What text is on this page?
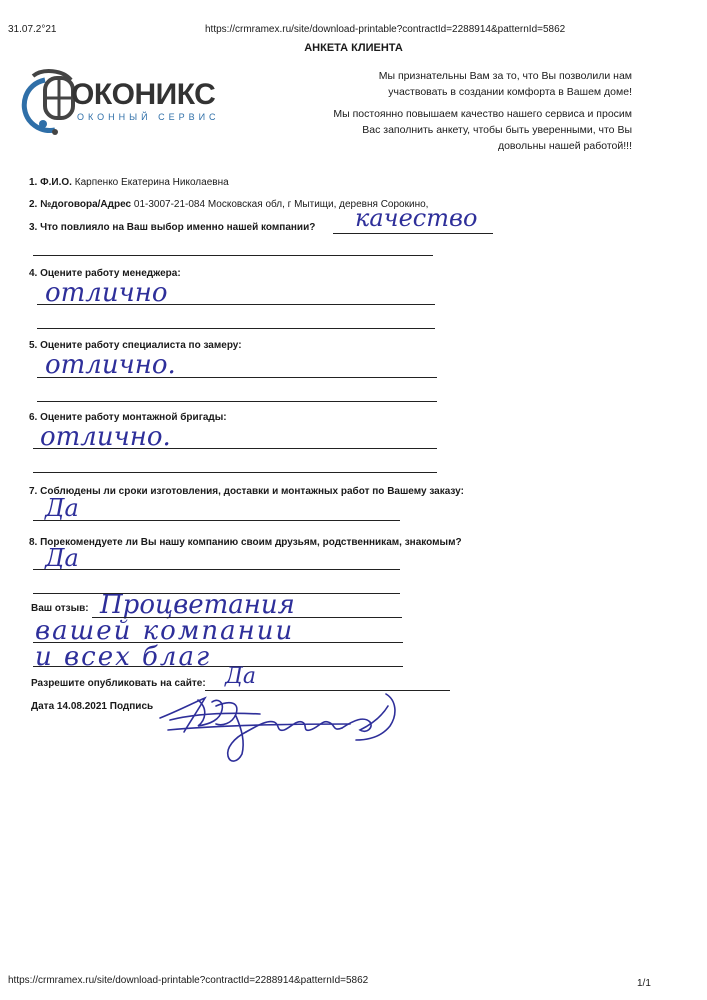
31.07.2°21	https://crmramex.ru/site/download-printable?contractId=2288914&patternId=5862
АНКЕТА КЛИЕНТА
ОКОНИКС
ОКОННЫЙ СЕРВИС
Мы признательны Вам за то, что Вы позволили нам
участвовать в создании комфорта в Вашем доме!
Мы постоянно повышаем качество нашего сервиса и просим
Вас заполнить анкету, чтобы быть уверенными, что Вы
довольны нашей работой!!!
1. Ф.И.О. Карпенко Екатерина Николаевна
2. №договора/Адрес 01-3007-21-084 Московская обл, г Мытищи, деревня Сорокино,
3. Что повлияло на Ваш выбор именно нашей компании? качество
4. Оцените работу менеджера:
отлично
5. Оцените работу специалиста по замеру:
отлично.
6. Оцените работу монтажной бригады:
отлично.
7. Соблюдены ли сроки изготовления, доставки и монтажных работ по Вашему заказу:
Да
8. Порекомендуете ли Вы нашу компанию своим друзьям, родственникам, знакомым?
Да
Ваш отзыв: Процветания
вашей компании
и всех благ
Разрешите опубликовать на сайте: Да
Дата 14.08.2021 Подпись
https://crmramex.ru/site/download-printable?contractId=2288914&patternId=5862	1/1
